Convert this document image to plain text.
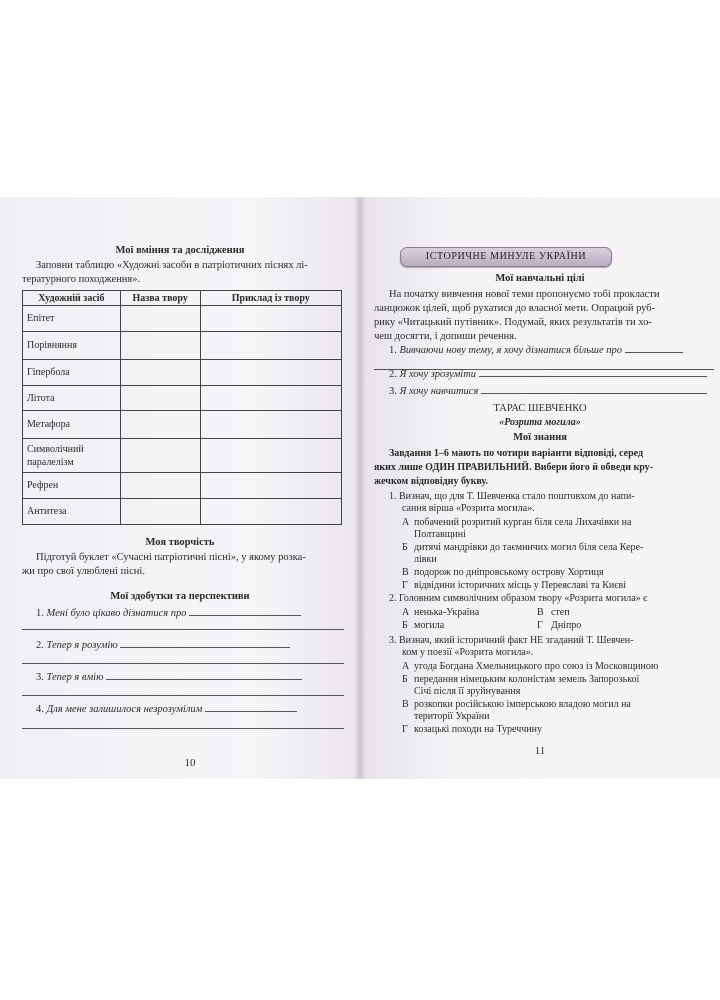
Мої вміння та дослідження
Заповни таблицю «Художні засоби в патріотичних піснях лі-
тературного походження».
Художній засіб	Назва твору	Приклад із твору
Епітет		
Порівняння		
Гіпербола		
Літота		
Метафора		
Символічний паралелізм		
Рефрен		
Антитеза		
Моя творчість
Підготуй буклет «Сучасні патріотичні пісні», у якому розка-
жи про свої улюблені пісні.
Мої здобутки та перспективи
1. Мені було цікаво дізнатися про
2. Тепер я розумію
3. Тепер я вмію
4. Для мене залишилося незрозумілим
10
ІСТОРИЧНЕ МИНУЛЕ УКРАЇНИ
Мої навчальні цілі
На початку вивчення нової теми пропонуємо тобі прокласти
ланцюжок цілей, щоб рухатися до власної мети. Опрацюй руб-
рику «Читацький путівник». Подумай, яких результатів ти хо-
чеш досягти, і допиши речення.
1. Вивчаючи нову тему, я хочу дізнатися більше про
2. Я хочу зрозуміти
3. Я хочу навчитися
ТАРАС ШЕВЧЕНКО
«Розрита могила»
Мої знання
Завдання 1–6 мають по чотири варіанти відповіді, серед
яких лише ОДИН ПРАВИЛЬНИЙ. Вибери його й обведи кру-
жечком відповідну букву.
1. Визнач, що для Т. Шевченка стало поштовхом до напи-
сання вірша «Розрита могила».
А побачений розритий курган біля села Лихачівки на
Полтавщині
Б дитячі мандрівки до таємничих могил біля села Кере-
лівки
В подорож по дніпровському острову Хортиця
Г відвідини історичних місць у Переяславі та Києві
2. Головним символічним образом твору «Розрита могила» є
А ненька-Україна	В степ
Б могила	Г Дніпро
3. Визнач, який історичний факт НЕ згаданий Т. Шевчен-
ком у поезії «Розрита могила».
А угода Богдана Хмельницького про союз із Московщиною
Б передання німецьким колоністам земель Запорозької
Січі після її зруйнування
В розкопки російською імперською владою могил на
території України
Г козацькі походи на Туреччину
11
